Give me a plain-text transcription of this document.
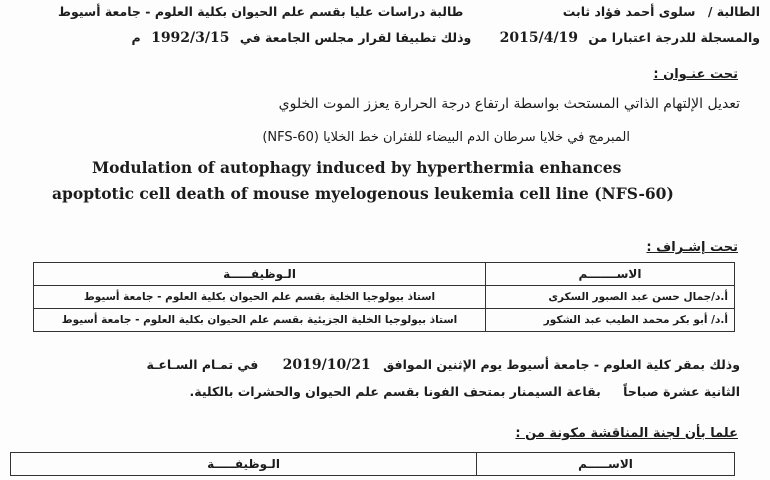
الطالبة / سلوى أحمد فؤاد ثابت طالبة دراسات عليا بقسم علم الحيوان بكلية العلوم - جامعة أسيوط
والمسجلة للدرجة اعتبارا من 2015/4/19 وذلك تطبيقا لقرار مجلس الجامعة في 1992/3/15 م
تحت عنـوان :
تعديل الإلتهام الذاتي المستحث بواسطة ارتفاع درجة الحرارة يعزز الموت الخلوي
المبرمج في خلايا سرطان الدم البيضاء للفئران خط الخلايا (NFS-60)
Modulation of autophagy induced by hyperthermia enhances
apoptotic cell death of mouse myelogenous leukemia cell line (NFS-60)
تحت إشـراف :
الاســـــــم	الـوظيفـــــة
أ.د/جمال حسن عبد الصبور السكرى	استاذ بيولوجيا الخلية بقسم علم الحيوان بكلية العلوم - جامعة أسيوط
أ.د/ أبو بكر محمد الطيب عبد الشكور	استاذ بيولوجيا الخلية الجزيئية بقسم علم الحيوان بكلية العلوم - جامعة أسيوط
وذلك بمقر كلية العلوم - جامعة أسيوط يوم الإثنين الموافق 2019/10/21 في تمـام السـاعـة
الثانية عشرة صباحاً بقاعة السيمنار بمتحف الفونا بقسم علم الحيوان والحشرات بالكلية.
علما بأن لجنة المناقشة مكونة من :
الاســـــم	الـوظيفـــــة
